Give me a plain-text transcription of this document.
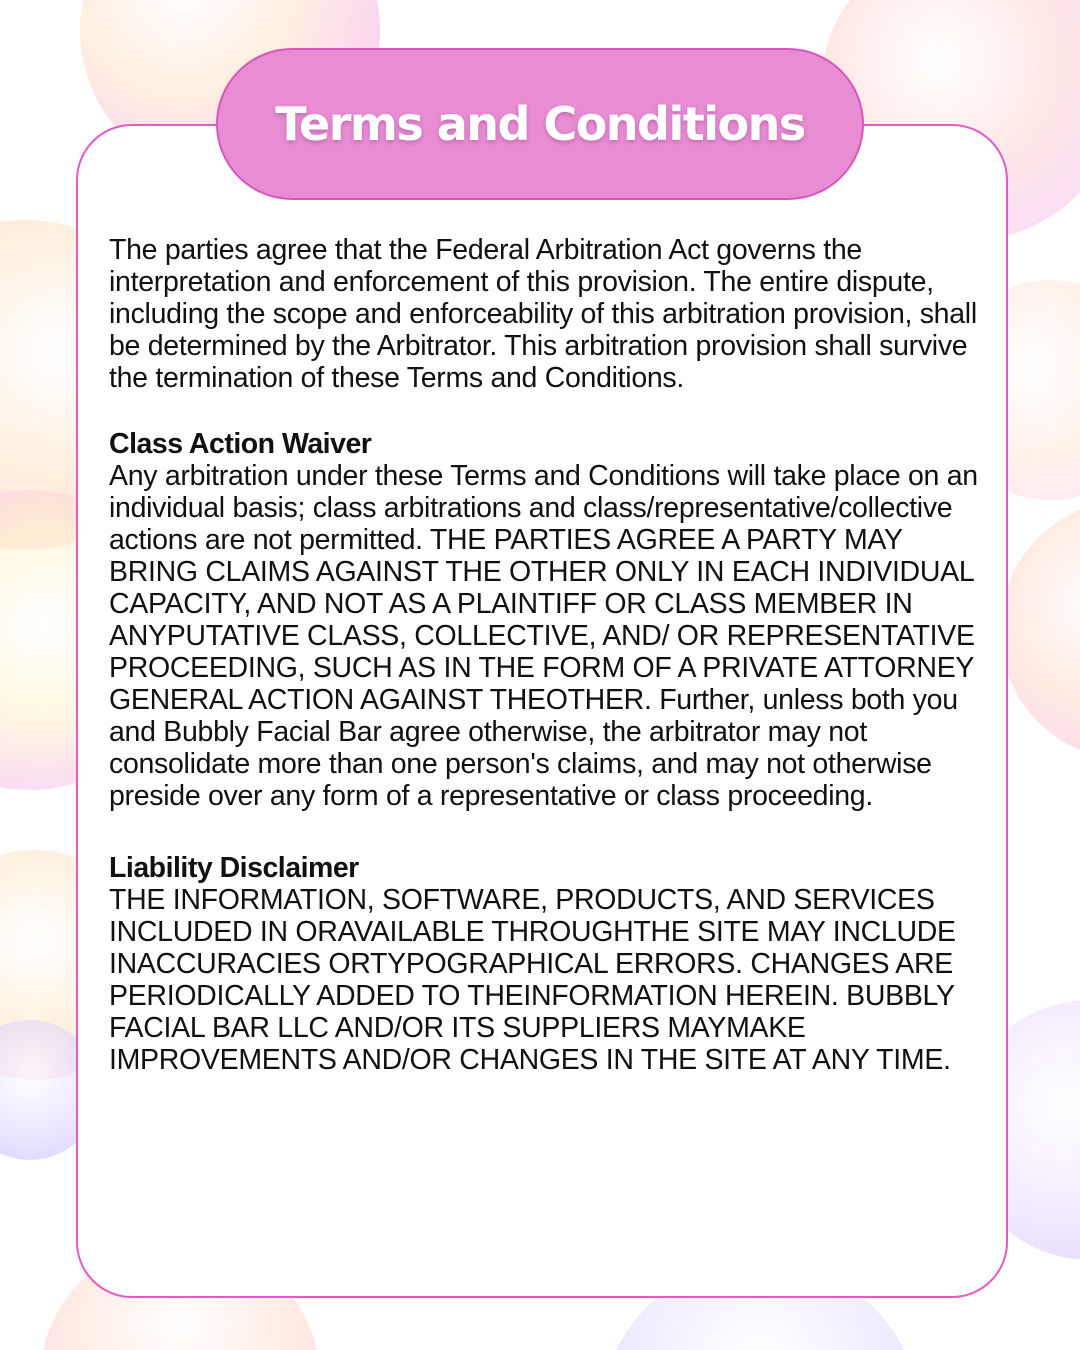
Terms and Conditions

The parties agree that the Federal Arbitration Act governs the interpretation and enforcement of this provision. The entire dispute, including the scope and enforceability of this arbitration provision, shall be determined by the Arbitrator. This arbitration provision shall survive the termination of these Terms and Conditions.

Class Action Waiver

Any arbitration under these Terms and Conditions will take place on an individual basis; class arbitrations and class/representative/collective actions are not permitted. THE PARTIES AGREE A PARTY MAY BRING CLAIMS AGAINST THE OTHER ONLY IN EACH INDIVIDUAL CAPACITY, AND NOT AS A PLAINTIFF OR CLASS MEMBER IN ANYPUTATIVE CLASS, COLLECTIVE, AND/ OR REPRESENTATIVE PROCEEDING, SUCH AS IN THE FORM OF A PRIVATE ATTORNEY GENERAL ACTION AGAINST THEOTHER. Further, unless both you and Bubbly Facial Bar agree otherwise, the arbitrator may not consolidate more than one person's claims, and may not otherwise preside over any form of a representative or class proceeding.

Liability Disclaimer

THE INFORMATION, SOFTWARE, PRODUCTS, AND SERVICES INCLUDED IN ORAVAILABLE THROUGHTHE SITE MAY INCLUDE INACCURACIES ORTYPOGRAPHICAL ERRORS. CHANGES ARE PERIODICALLY ADDED TO THEINFORMATION HEREIN. BUBBLY FACIAL BAR LLC AND/OR ITS SUPPLIERS MAYMAKE IMPROVEMENTS AND/OR CHANGES IN THE SITE AT ANY TIME.
